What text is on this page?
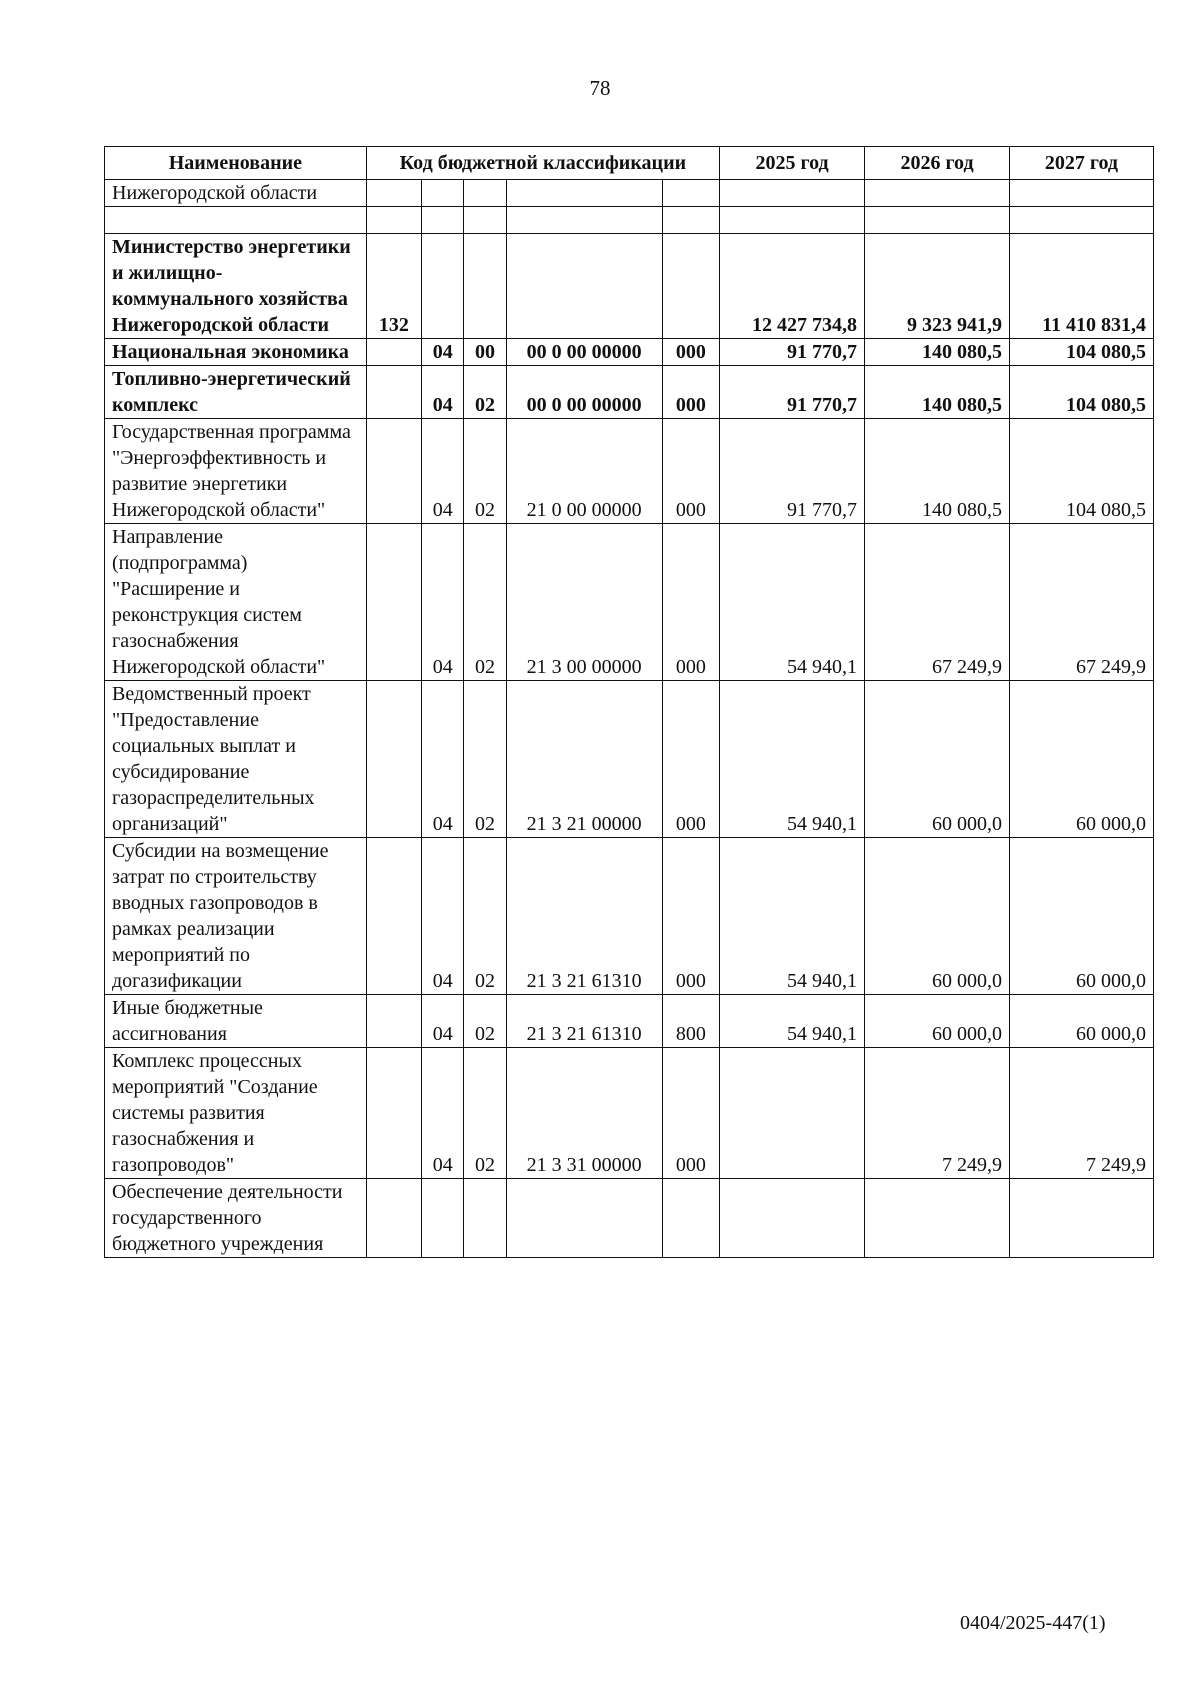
78
Наименование	Код бюджетной классификации					2025 год	2026 год	2027 год
Нижегородской области								

Министерство энергетики и жилищно-коммунального хозяйства Нижегородской области	132					12 427 734,8	9 323 941,9	11 410 831,4
Национальная экономика		04	00	00 0 00 00000	000	91 770,7	140 080,5	104 080,5
Топливно-энергетический комплекс		04	02	00 0 00 00000	000	91 770,7	140 080,5	104 080,5
Государственная программа "Энергоэффективность и развитие энергетики Нижегородской области"		04	02	21 0 00 00000	000	91 770,7	140 080,5	104 080,5
Направление (подпрограмма) "Расширение и реконструкция систем газоснабжения Нижегородской области"		04	02	21 3 00 00000	000	54 940,1	67 249,9	67 249,9
Ведомственный проект "Предоставление социальных выплат и субсидирование газораспределительных организаций"		04	02	21 3 21 00000	000	54 940,1	60 000,0	60 000,0
Субсидии на возмещение затрат по строительству вводных газопроводов в рамках реализации мероприятий по догазификации		04	02	21 3 21 61310	000	54 940,1	60 000,0	60 000,0
Иные бюджетные ассигнования		04	02	21 3 21 61310	800	54 940,1	60 000,0	60 000,0
Комплекс процессных мероприятий "Создание системы развития газоснабжения и газопроводов"		04	02	21 3 31 00000	000		7 249,9	7 249,9
Обеспечение деятельности государственного бюджетного учреждения								
0404/2025-447(1)
